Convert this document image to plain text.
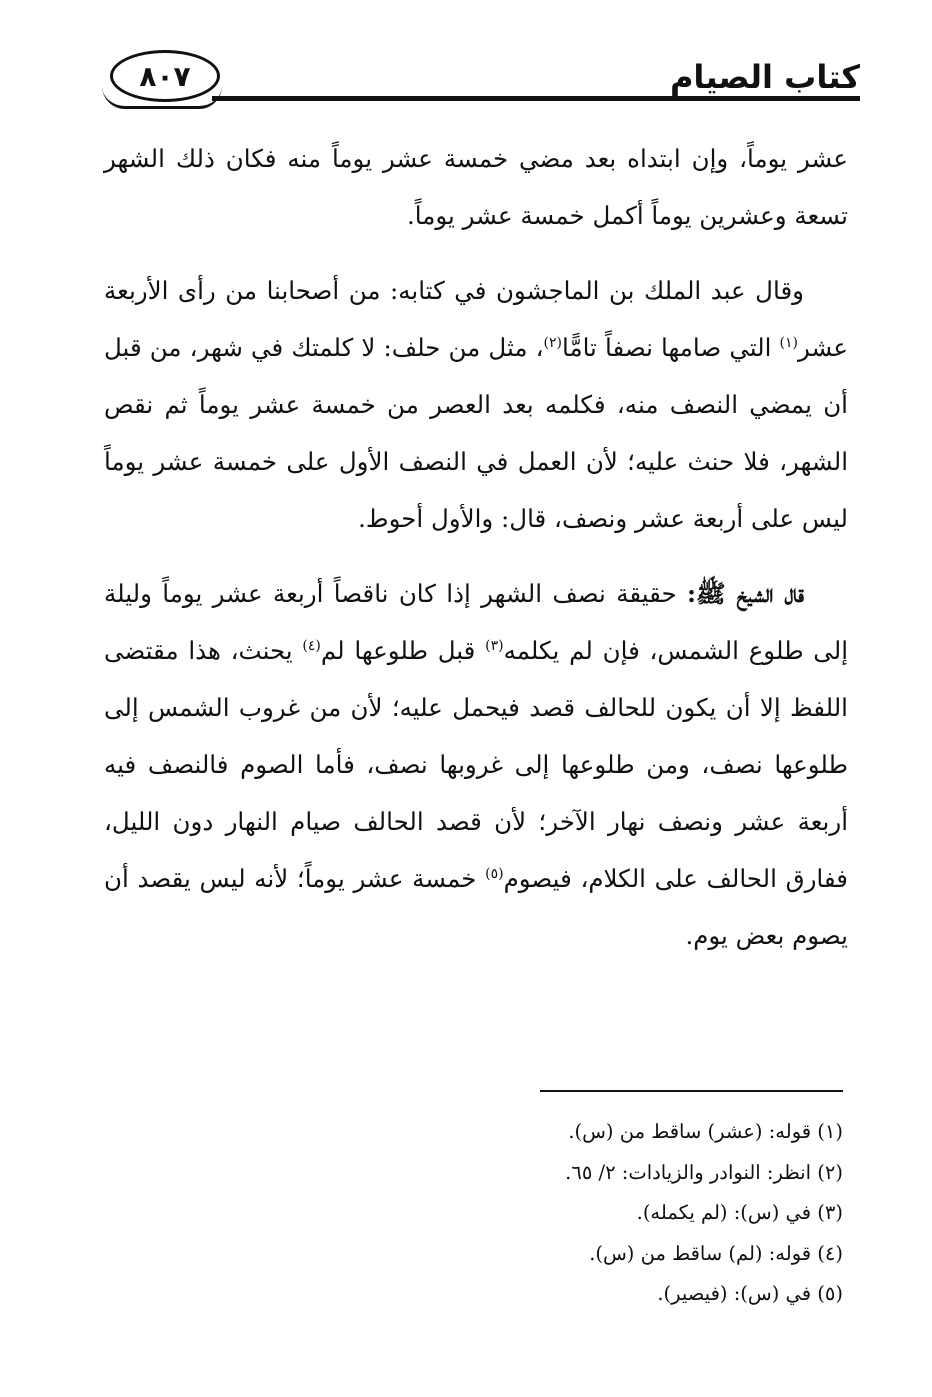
كتاب الصيام
٨٠٧

عشر يوماً، وإن ابتداه بعد مضي خمسة عشر يوماً منه فكان ذلك الشهر تسعة وعشرين يوماً أكمل خمسة عشر يوماً.

وقال عبد الملك بن الماجشون في كتابه: من أصحابنا من رأى الأربعة عشر$^{(١)}$ التي صامها نصفاً تامًّا$^{(٢)}$، مثل من حلف: لا كلمتك في شهر، من قبل أن يمضي النصف منه، فكلمه بعد العصر من خمسة عشر يوماً ثم نقص الشهر، فلا حنث عليه؛ لأن العمل في النصف الأول على خمسة عشر يوماً ليس على أربعة عشر ونصف، قال: والأول أحوط.

قال الشيخ ﷺ: حقيقة نصف الشهر إذا كان ناقصاً أربعة عشر يوماً وليلة إلى طلوع الشمس، فإن لم يكلمه$^{(٣)}$ قبل طلوعها لم$^{(٤)}$ يحنث، هذا مقتضى اللفظ إلا أن يكون للحالف قصد فيحمل عليه؛ لأن من غروب الشمس إلى طلوعها نصف، ومن طلوعها إلى غروبها نصف، فأما الصوم فالنصف فيه أربعة عشر ونصف نهار الآخر؛ لأن قصد الحالف صيام النهار دون الليل، ففارق الحالف على الكلام، فيصوم$^{(٥)}$ خمسة عشر يوماً؛ لأنه ليس يقصد أن يصوم بعض يوم.

(١) قوله: (عشر) ساقط من (س).
(٢) انظر: النوادر والزيادات: ٢/ ٦٥.
(٣) في (س): (لم يكمله).
(٤) قوله: (لم) ساقط من (س).
(٥) في (س): (فيصير).
